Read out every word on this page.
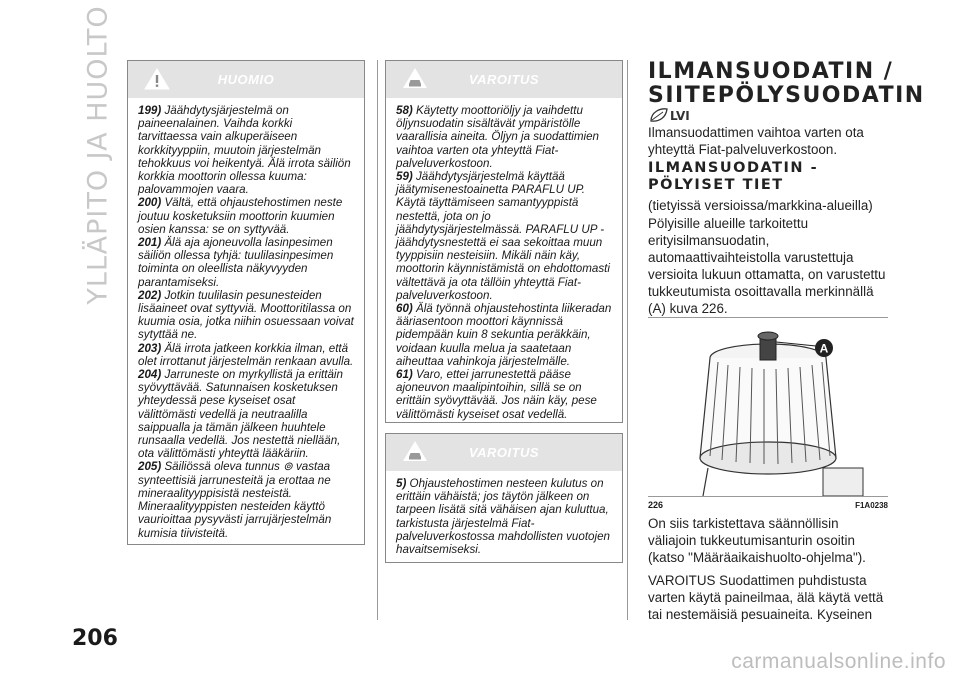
YLLÄPITO JA HUOLTO
206
HUOMIO

199) Jäähdytysjärjestelmä on paineenalainen. Vaihda korkki tarvittaessa vain alkuperäiseen korkkityyppiin, muutoin järjestelmän tehokkuus voi heikentyä. Älä irrota säiliön korkkia moottorin ollessa kuuma: palovammojen vaara.

200) Vältä, että ohjaustehostimen neste joutuu kosketuksiin moottorin kuumien osien kanssa: se on syttyvää.

201) Älä aja ajoneuvolla lasinpesimen säiliön ollessa tyhjä: tuulilasinpesimen toiminta on oleellista näkyvyyden parantamiseksi.

202) Jotkin tuulilasin pesunesteiden lisäaineet ovat syttyviä. Moottoritilassa on kuumia osia, jotka niihin osuessaan voivat sytyttää ne.

203) Älä irrota jatkeen korkkia ilman, että olet irrottanut järjestelmän renkaan avulla.

204) Jarruneste on myrkyllistä ja erittäin syövyttävää. Satunnaisen kosketuksen yhteydessä pese kyseiset osat välittömästi vedellä ja neutraalilla saippualla ja tämän jälkeen huuhtele runsaalla vedellä. Jos nestettä niellään, ota välittömästi yhteyttä lääkäriin.

205) Säiliössä oleva tunnus ⊚ vastaa synteettisiä jarrunesteitä ja erottaa ne mineraalityyppisistä nesteistä. Mineraalityyppisten nesteiden käyttö vaurioittaa pysyvästi jarrujärjestelmän kumisia tiivisteitä.

VAROITUS

58) Käytetty moottoriöljy ja vaihdettu öljynsuodatin sisältävät ympäristölle vaarallisia aineita. Öljyn ja suodattimien vaihtoa varten ota yhteyttä Fiat-palveluverkostoon.

59) Jäähdytysjärjestelmä käyttää jäätymisenestoainetta PARAFLU UP. Käytä täyttämiseen samantyyppistä nestettä, jota on jo jäähdytysjärjestelmässä. PARAFLU UP -jäähdytysnestettä ei saa sekoittaa muun tyyppisiin nesteisiin. Mikäli näin käy, moottorin käynnistämistä on ehdottomasti vältettävä ja ota tällöin yhteyttä Fiat-palveluverkostoon.

60) Älä työnnä ohjaustehostinta liikeradan ääriasentoon moottori käynnissä pidempään kuin 8 sekuntia peräkkäin, voidaan kuulla melua ja saatetaan aiheuttaa vahinkoja järjestelmälle.

61) Varo, ettei jarrunestettä pääse ajoneuvon maalipintoihin, sillä se on erittäin syövyttävää. Jos näin käy, pese välittömästi kyseiset osat vedellä.

VAROITUS

5) Ohjaustehostimen nesteen kulutus on erittäin vähäistä; jos täytön jälkeen on tarpeen lisätä sitä vähäisen ajan kuluttua, tarkistusta järjestelmä Fiat-palveluverkostossa mahdollisten vuotojen havaitsemiseksi.

ILMANSUODATIN / SIITEPÖLYSUODATIN
LVI
Ilmansuodattimen vaihtoa varten ota yhteyttä Fiat-palveluverkostoon.
ILMANSUODATIN - PÖLYISET TIET
(tietyissä versioissa/markkina-alueilla)
Pölyisille alueille tarkoitettu erityisilmansuodatin, automaattivaihteistolla varustettuja versioita lukuun ottamatta, on varustettu tukkeutumista osoittavalla merkinnällä (A) kuva 226.
A
226	F1A0238
On siis tarkistettava säännöllisin väliajoin tukkeutumisanturin osoitin (katso "Määräaikaishuolto-ohjelma").
VAROITUS Suodattimen puhdistusta varten käytä paineilmaa, älä käytä vettä tai nestemäisiä pesuaineita. Kyseinen
carmanualsonline.info
